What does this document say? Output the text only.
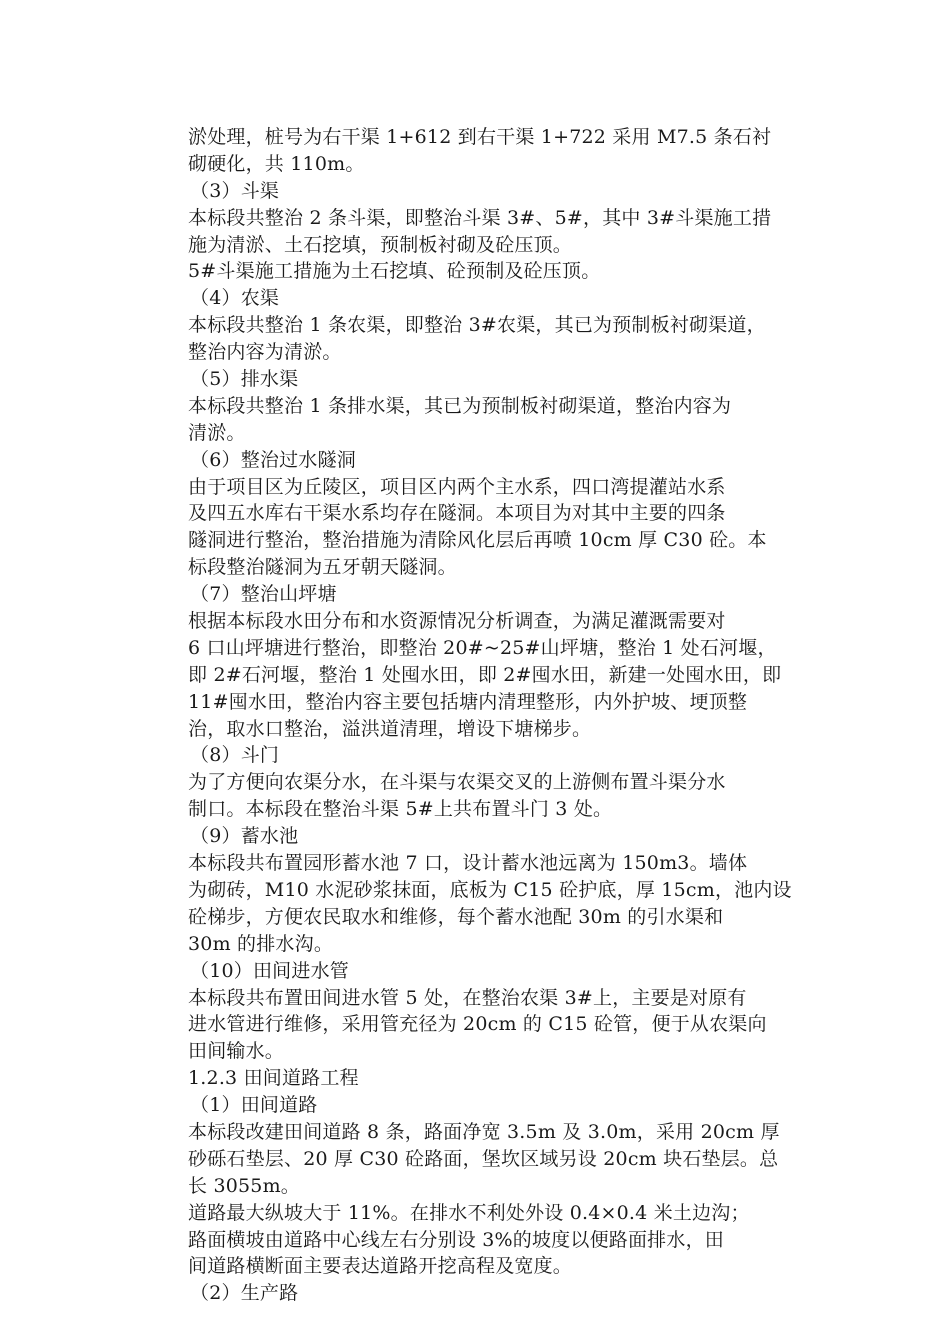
淤处理，桩号为右干渠 1+612 到右干渠 1+722 采用 M7.5 条石衬
砌硬化，共 110m。
（3）斗渠
本标段共整治 2 条斗渠，即整治斗渠 3#、5#，其中 3#斗渠施工措
施为清淤、土石挖填，预制板衬砌及砼压顶。
5#斗渠施工措施为土石挖填、砼预制及砼压顶。
（4）农渠
本标段共整治 1 条农渠，即整治 3#农渠，其已为预制板衬砌渠道，
整治内容为清淤。
（5）排水渠
本标段共整治 1 条排水渠，其已为预制板衬砌渠道，整治内容为
清淤。
（6）整治过水隧洞
由于项目区为丘陵区，项目区内两个主水系，四口湾提灌站水系
及四五水库右干渠水系均存在隧洞。本项目为对其中主要的四条
隧洞进行整治，整治措施为清除风化层后再喷 10cm 厚 C30 砼。本
标段整治隧洞为五牙朝天隧洞。
（7）整治山坪塘
根据本标段水田分布和水资源情况分析调查，为满足灌溉需要对
6 口山坪塘进行整治，即整治 20#~25#山坪塘，整治 1 处石河堰，
即 2#石河堰，整治 1 处囤水田，即 2#囤水田，新建一处囤水田，即
11#囤水田，整治内容主要包括塘内清理整形，内外护坡、埂顶整
治，取水口整治，溢洪道清理，增设下塘梯步。
（8）斗门
为了方便向农渠分水，在斗渠与农渠交叉的上游侧布置斗渠分水
制口。本标段在整治斗渠 5#上共布置斗门 3 处。
（9）蓄水池
本标段共布置园形蓄水池 7 口，设计蓄水池远离为 150m3。墙体
为砌砖，M10 水泥砂浆抹面，底板为 C15 砼护底，厚 15cm，池内设
砼梯步，方便农民取水和维修，每个蓄水池配 30m 的引水渠和
30m 的排水沟。
（10）田间进水管
本标段共布置田间进水管 5 处，在整治农渠 3#上，主要是对原有
进水管进行维修，采用管充径为 20cm 的 C15 砼管，便于从农渠向
田间输水。
1.2.3 田间道路工程
（1）田间道路
本标段改建田间道路 8 条，路面净宽 3.5m 及 3.0m，采用 20cm 厚
砂砾石垫层、20 厚 C30 砼路面，堡坎区域另设 20cm 块石垫层。总
长 3055m。
道路最大纵坡大于 11%。在排水不利处外设 0.4×0.4 米土边沟；
路面横坡由道路中心线左右分别设 3%的坡度以便路面排水，田
间道路横断面主要表达道路开挖高程及宽度。
（2）生产路
